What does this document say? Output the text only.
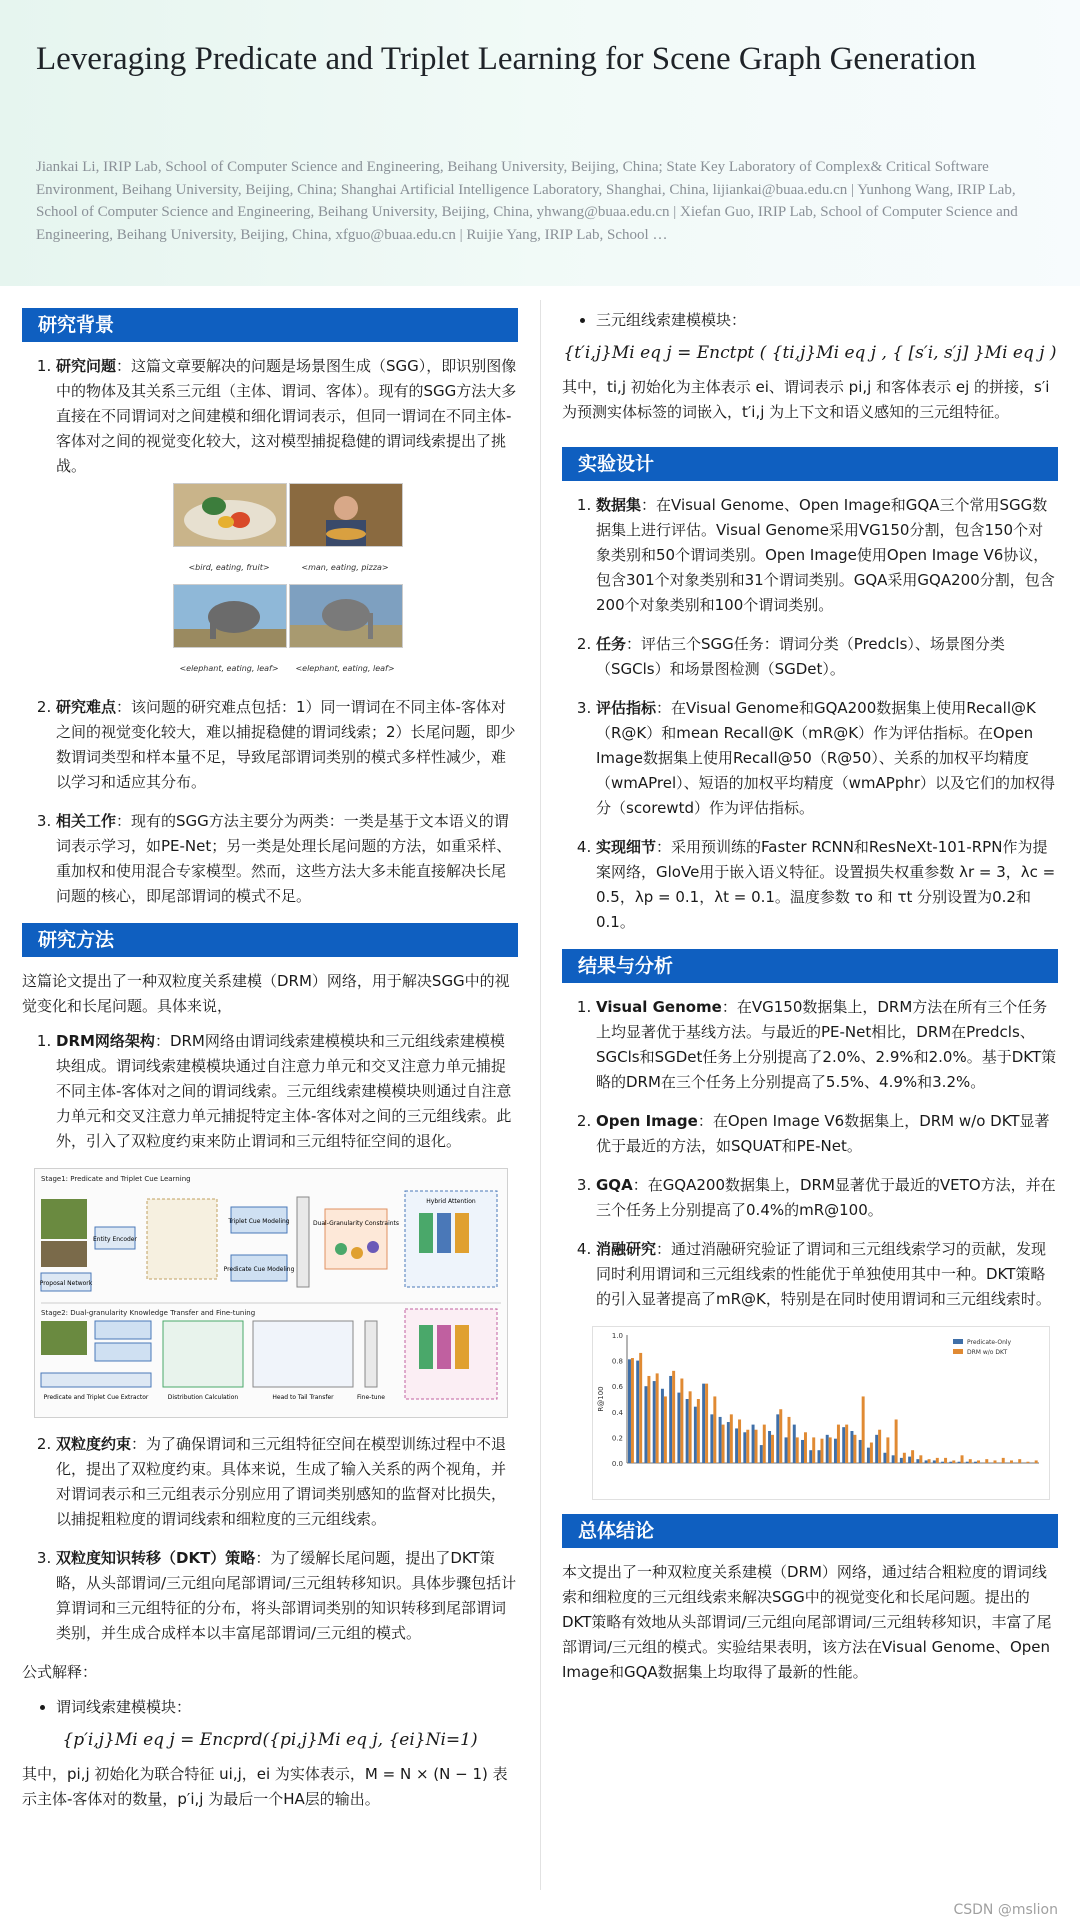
Leveraging Predicate and Triplet Learning for Scene Graph Generation

Jiankai Li, IRIP Lab, School of Computer Science and Engineering, Beihang University, Beijing, China; State Key Laboratory of Complex& Critical Software Environment, Beihang University, Beijing, China; Shanghai Artificial Intelligence Laboratory, Shanghai, China, lijiankai@buaa.edu.cn | Yunhong Wang, IRIP Lab, School of Computer Science and Engineering, Beihang University, Beijing, China, yhwang@buaa.edu.cn | Xiefan Guo, IRIP Lab, School of Computer Science and Engineering, Beihang University, Beijing, China, xfguo@buaa.edu.cn | Ruijie Yang, IRIP Lab, School …

研究背景
1. 研究问题：这篇文章要解决的问题是场景图生成（SGG），即识别图像中的物体及其关系三元组（主体、谓词、客体）。现有的SGG方法大多直接在不同谓词对之间建模和细化谓词表示，但同一谓词在不同主体-客体对之间的视觉变化较大，这对模型捕捉稳健的谓词线索提出了挑战。
<bird, eating, fruit>	<man, eating, pizza>
<elephant, eating, leaf>	<elephant, eating, leaf>
2. 研究难点：该问题的研究难点包括：1）同一谓词在不同主体-客体对之间的视觉变化较大，难以捕捉稳健的谓词线索；2）长尾问题，即少数谓词类型和样本量不足，导致尾部谓词类别的模式多样性减少，难以学习和适应其分布。
3. 相关工作：现有的SGG方法主要分为两类：一类是基于文本语义的谓词表示学习，如PE-Net；另一类是处理长尾问题的方法，如重采样、重加权和使用混合专家模型。然而，这些方法大多未能直接解决长尾问题的核心，即尾部谓词的模式不足。
研究方法

这篇论文提出了一种双粒度关系建模（DRM）网络，用于解决SGG中的视觉变化和长尾问题。具体来说，

1. DRM网络架构：DRM网络由谓词线索建模模块和三元组线索建模模块组成。谓词线索建模模块通过自注意力单元和交叉注意力单元捕捉不同主体-客体对之间的谓词线索。三元组线索建模模块则通过自注意力单元和交叉注意力单元捕捉特定主体-客体对之间的三元组线索。此外，引入了双粒度约束来防止谓词和三元组特征空间的退化。
Stage1: Predicate and Triplet Cue Learning
Entity Encoder
Proposal Network
Triplet Cue Modeling
Predicate Cue Modeling
Dual-Granularity Constraints
Hybrid Attention
Stage2: Dual-granularity Knowledge Transfer and Fine-tuning
Predicate and Triplet Cue Extractor	Distribution Calculation	Head to Tail Transfer	Fine-tune
2. 双粒度约束：为了确保谓词和三元组特征空间在模型训练过程中不退化，提出了双粒度约束。具体来说，生成了输入关系的两个视角，并对谓词表示和三元组表示分别应用了谓词类别感知的监督对比损失，以捕捉粗粒度的谓词线索和细粒度的三元组线索。
3. 双粒度知识转移（DKT）策略：为了缓解长尾问题，提出了DKT策略，从头部谓词/三元组向尾部谓词/三元组转移知识。具体步骤包括计算谓词和三元组特征的分布，将头部谓词类别的知识转移到尾部谓词类别，并生成合成样本以丰富尾部谓词/三元组的模式。

公式解释：

• 谓词线索建模模块：
{p′i,j}Mi eq j = Encprd({pi,j}Mi eq j, {ei}Ni=1)

其中，pi,j 初始化为联合特征 ui,j，ei 为实体表示，M = N × (N − 1) 表示主体-客体对的数量，p′i,j 为最后一个HA层的输出。

• 三元组线索建模模块：
{t′i,j}Mi eq j = Enctpt ( {ti,j}Mi eq j , { [s′i, s′j] }Mi eq j )

其中，ti,j 初始化为主体表示 ei、谓词表示 pi,j 和客体表示 ej 的拼接，s′i 为预测实体标签的词嵌入，t′i,j 为上下文和语义感知的三元组特征。

实验设计
1. 数据集：在Visual Genome、Open Image和GQA三个常用SGG数据集上进行评估。Visual Genome采用VG150分割，包含150个对象类别和50个谓词类别。Open Image使用Open Image V6协议，包含301个对象类别和31个谓词类别。GQA采用GQA200分割，包含200个对象类别和100个谓词类别。
2. 任务：评估三个SGG任务：谓词分类（Predcls）、场景图分类（SGCls）和场景图检测（SGDet）。
3. 评估指标：在Visual Genome和GQA200数据集上使用Recall@K（R@K）和mean Recall@K（mR@K）作为评估指标。在Open Image数据集上使用Recall@50（R@50）、关系的加权平均精度（wmAPrel）、短语的加权平均精度（wmAPphr）以及它们的加权得分（scorewtd）作为评估指标。
4. 实现细节：采用预训练的Faster RCNN和ResNeXt-101-RPN作为提案网络，GloVe用于嵌入语义特征。设置损失权重参数 λr = 3，λc = 0.5，λp = 0.1，λt = 0.1。温度参数 τo 和 τt 分别设置为0.2和0.1。
结果与分析
1. Visual Genome：在VG150数据集上，DRM方法在所有三个任务上均显著优于基线方法。与最近的PE-Net相比，DRM在Predcls、SGCls和SGDet任务上分别提高了2.0%、2.9%和2.0%。基于DKT策略的DRM在三个任务上分别提高了5.5%、4.9%和3.2%。
2. Open Image：在Open Image V6数据集上，DRM w/o DKT显著优于最近的方法，如SQUAT和PE-Net。
3. GQA：在GQA200数据集上，DRM显著优于最近的VETO方法，并在三个任务上分别提高了0.4%的mR@100。
4. 消融研究：通过消融研究验证了谓词和三元组线索学习的贡献，发现同时利用谓词和三元组线索的性能优于单独使用其中一种。DKT策略的引入显著提高了mR@K，特别是在同时使用谓词和三元组线索时。
0.0
0.2
0.4
0.6
0.8
1.0
R@100
Predicate-Only
DRM w/o DKT
总体结论

本文提出了一种双粒度关系建模（DRM）网络，通过结合粗粒度的谓词线索和细粒度的三元组线索来解决SGG中的视觉变化和长尾问题。提出的DKT策略有效地从头部谓词/三元组向尾部谓词/三元组转移知识，丰富了尾部谓词/三元组的模式。实验结果表明，该方法在Visual Genome、Open Image和GQA数据集上均取得了最新的性能。

CSDN @mslion
